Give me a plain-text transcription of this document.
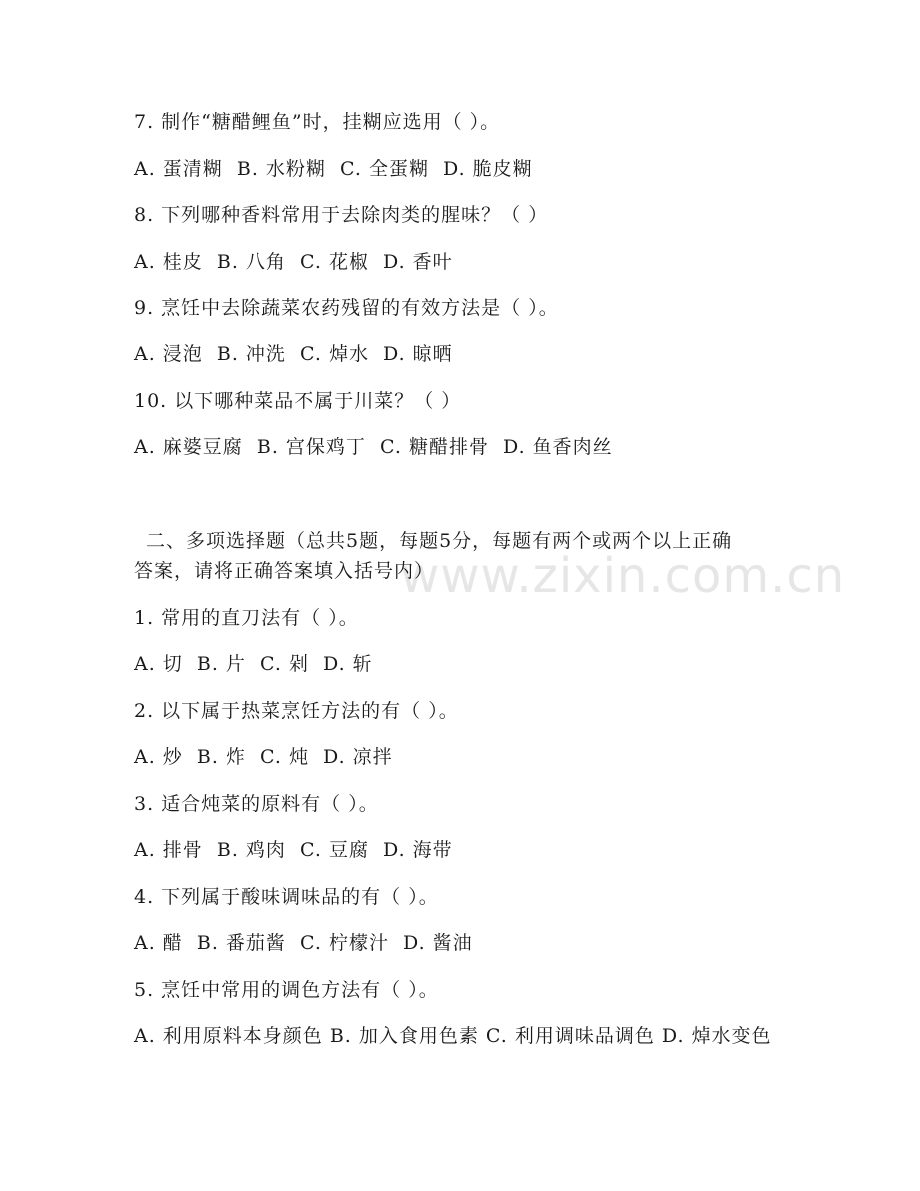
www.zixin.com.cn

7. 制作“糖醋鲤鱼”时，挂糊应选用（ ）。

A. 蛋清糊  B. 水粉糊  C. 全蛋糊  D. 脆皮糊

8. 下列哪种香料常用于去除肉类的腥味？（ ）

A. 桂皮  B. 八角  C. 花椒  D. 香叶

9. 烹饪中去除蔬菜农药残留的有效方法是（ ）。

A. 浸泡  B. 冲洗  C. 焯水  D. 晾晒

10. 以下哪种菜品不属于川菜？（ ）

A. 麻婆豆腐  B. 宫保鸡丁  C. 糖醋排骨  D. 鱼香肉丝

二、多项选择题（总共5题，每题5分，每题有两个或两个以上正确

答案，请将正确答案填入括号内）

1. 常用的直刀法有（ ）。

A. 切  B. 片  C. 剁  D. 斩

2. 以下属于热菜烹饪方法的有（ ）。

A. 炒  B. 炸  C. 炖  D. 凉拌

3. 适合炖菜的原料有（ ）。

A. 排骨  B. 鸡肉  C. 豆腐  D. 海带

4. 下列属于酸味调味品的有（ ）。

A. 醋  B. 番茄酱  C. 柠檬汁  D. 酱油

5. 烹饪中常用的调色方法有（ ）。

A. 利用原料本身颜色 B. 加入食用色素 C. 利用调味品调色 D. 焯水变色
